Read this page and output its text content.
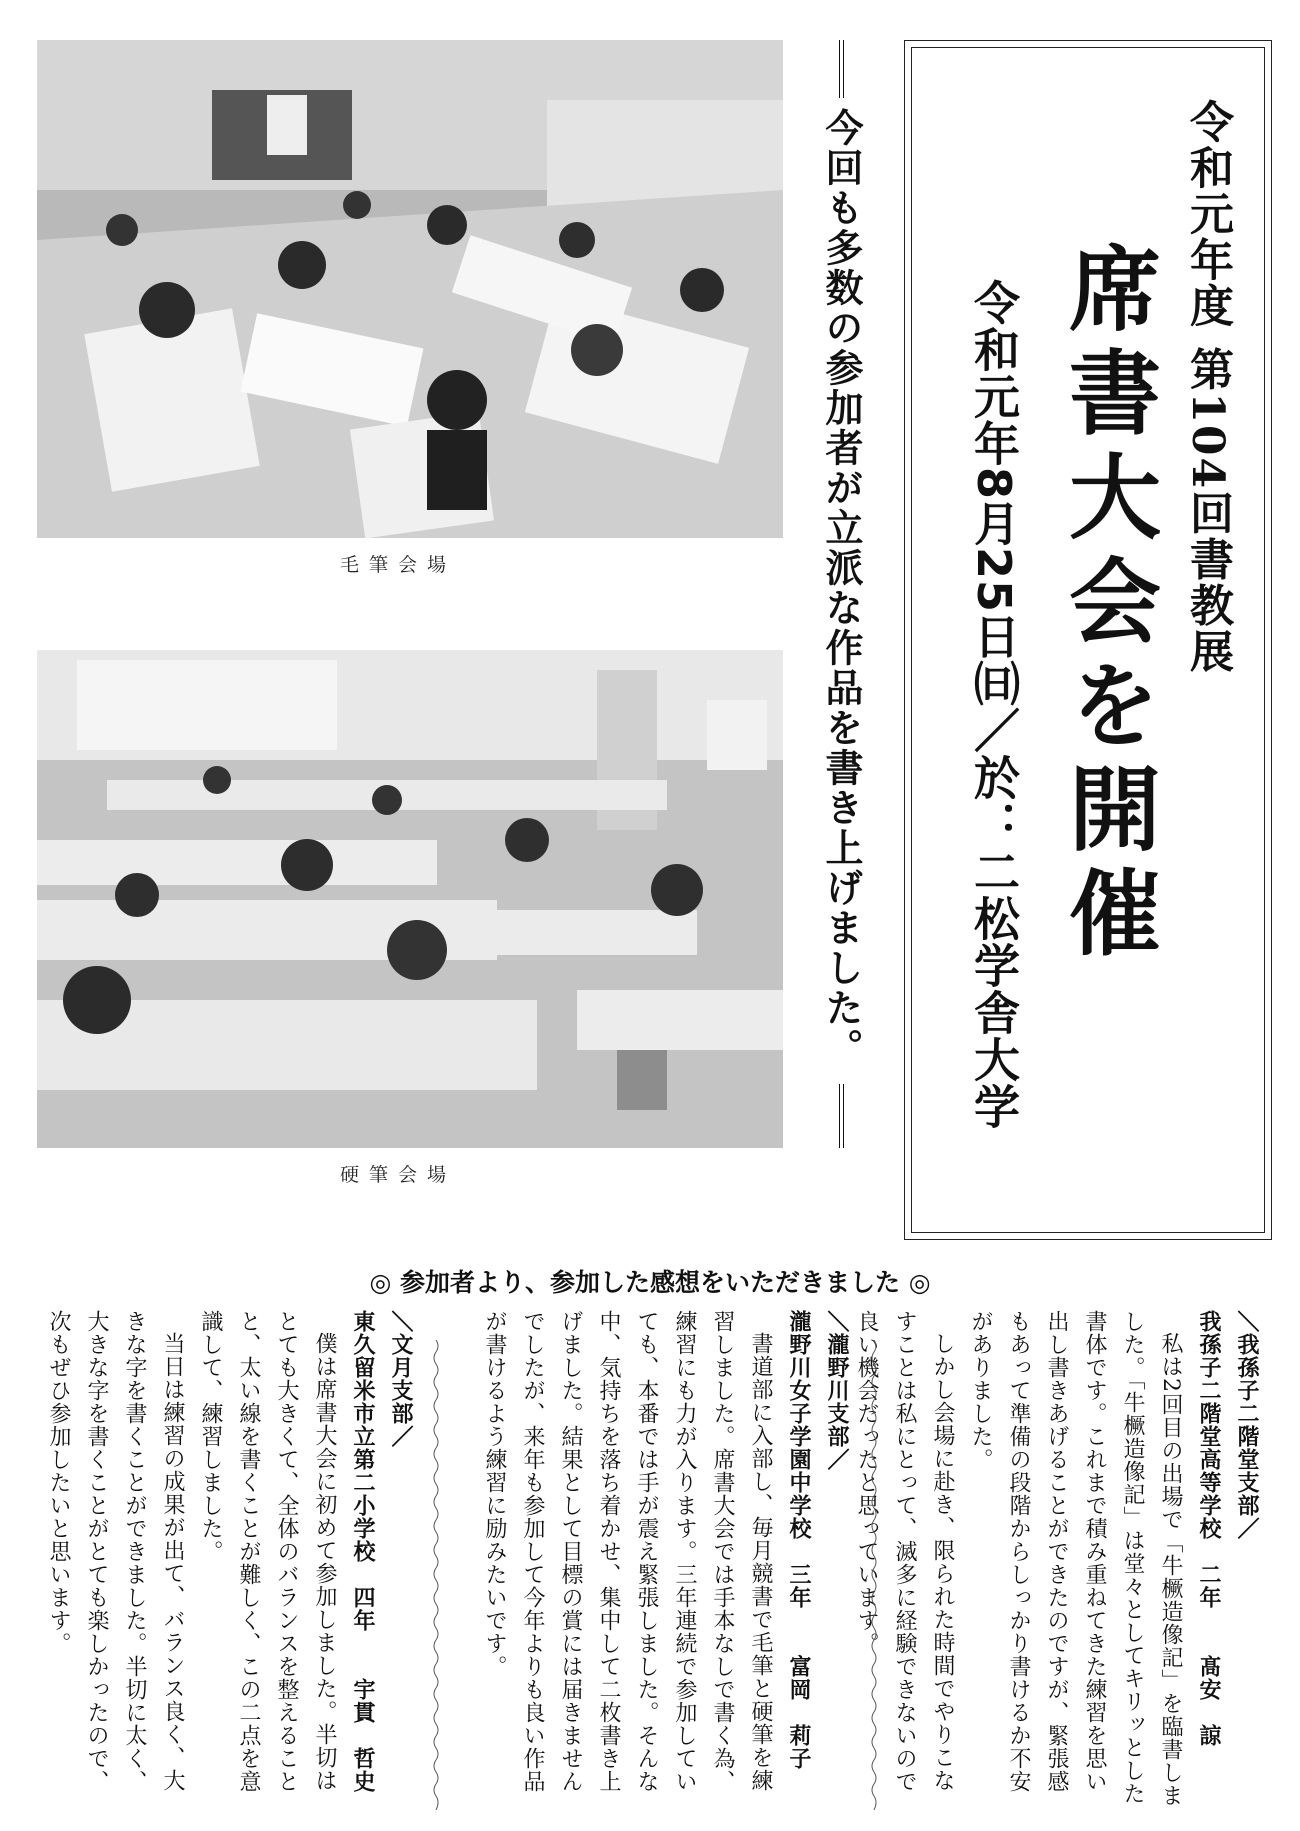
毛筆会場
硬筆会場
今回も多数の参加者が立派な作品を書き上げました。	令和元年度 第104回書教展
席書大会を開催
令和元年8月25日㈰／於：二松学舎大学
◎ 参加者より、参加した感想をいただきました ◎
＼我孫子二階堂支部／
我孫子二階堂高等学校　二年　　髙安　諒
私は2回目の出場で「牛橛造像記」を臨書しました。「牛橛造像記」は堂々としてキリッとした書体です。これまで積み重ねてきた練習を思い出し書きあげることができたのですが、緊張感もあって準備の段階からしっかり書けるか不安がありました。
しかし会場に赴き、限られた時間でやりこなすことは私にとって、滅多に経験できないので良い機会だったと思っています。
＼瀧野川支部／
瀧野川女子学園中学校　三年　　富岡　莉子
書道部に入部し、毎月競書で毛筆と硬筆を練習しました。席書大会では手本なしで書く為、練習にも力が入ります。三年連続で参加していても、本番では手が震え緊張しました。そんな中、気持ちを落ち着かせ、集中して二枚書き上げました。結果として目標の賞には届きませんでしたが、来年も参加して今年よりも良い作品が書けるよう練習に励みたいです。
＼文月支部／
東久留米市立第二小学校　四年　　宇貫　哲史
僕は席書大会に初めて参加しました。半切はとても大きくて、全体のバランスを整えることと、太い線を書くことが難しく、この二点を意識して、練習しました。
当日は練習の成果が出て、バランス良く、大きな字を書くことができました。半切に太く、大きな字を書くことがとても楽しかったので、次もぜひ参加したいと思います。
